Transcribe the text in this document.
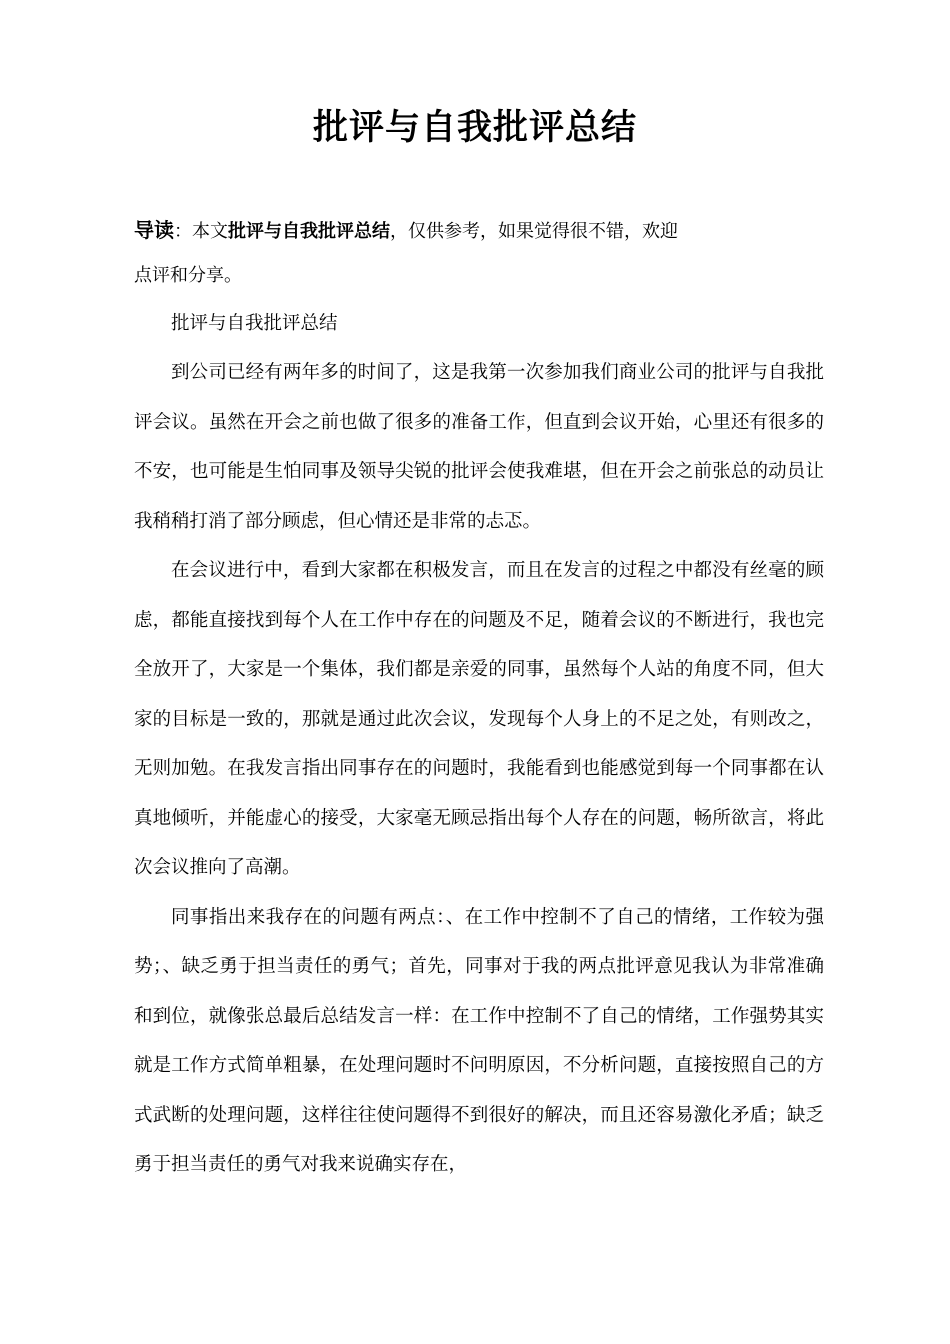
批评与自我批评总结
导读：本文批评与自我批评总结，仅供参考，如果觉得很不错，欢迎
点评和分享。

批评与自我批评总结

到公司已经有两年多的时间了，这是我第一次参加我们商业公司的批评与自我批评会议。虽然在开会之前也做了很多的准备工作，但直到会议开始，心里还有很多的不安，也可能是生怕同事及领导尖锐的批评会使我难堪，但在开会之前张总的动员让我稍稍打消了部分顾虑，但心情还是非常的忐忑。

在会议进行中，看到大家都在积极发言，而且在发言的过程之中都没有丝毫的顾虑，都能直接找到每个人在工作中存在的问题及不足，随着会议的不断进行，我也完全放开了，大家是一个集体，我们都是亲爱的同事，虽然每个人站的角度不同，但大家的目标是一致的，那就是通过此次会议，发现每个人身上的不足之处，有则改之，无则加勉。在我发言指出同事存在的问题时，我能看到也能感觉到每一个同事都在认真地倾听，并能虚心的接受，大家毫无顾忌指出每个人存在的问题，畅所欲言，将此次会议推向了高潮。

同事指出来我存在的问题有两点：、在工作中控制不了自己的情绪，工作较为强势；、缺乏勇于担当责任的勇气；首先，同事对于我的两点批评意见我认为非常准确和到位，就像张总最后总结发言一样：在工作中控制不了自己的情绪，工作强势其实就是工作方式简单粗暴，在处理问题时不问明原因，不分析问题，直接按照自己的方式武断的处理问题，这样往往使问题得不到很好的解决，而且还容易激化矛盾；缺乏勇于担当责任的勇气对我来说确实存在，
